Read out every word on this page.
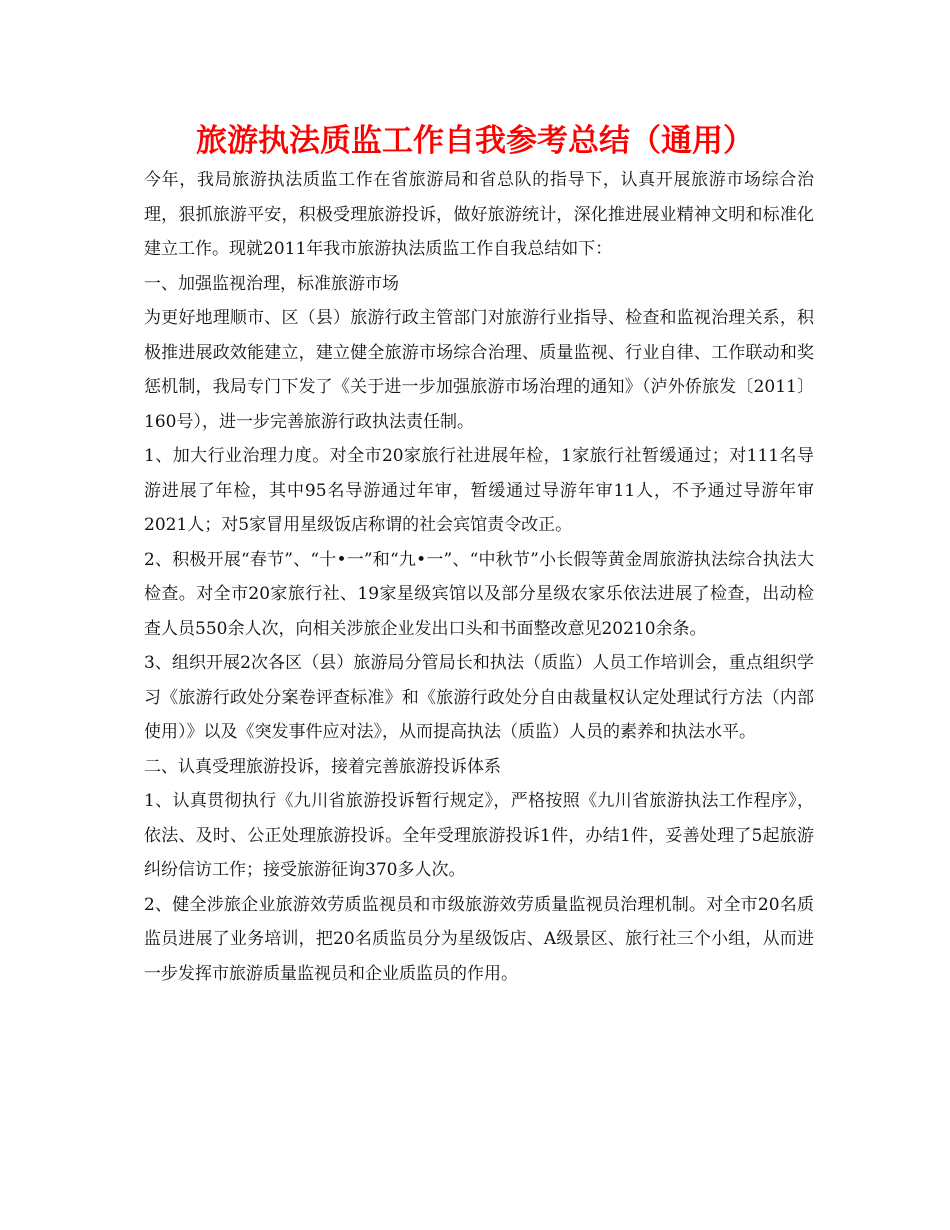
旅游执法质监工作自我参考总结（通用）

今年，我局旅游执法质监工作在省旅游局和省总队的指导下，认真开展旅游市场综合治理，狠抓旅游平安，积极受理旅游投诉，做好旅游统计，深化推进展业精神文明和标准化建立工作。现就2011年我市旅游执法质监工作自我总结如下：

一、加强监视治理，标准旅游市场

为更好地理顺市、区（县）旅游行政主管部门对旅游行业指导、检查和监视治理关系，积极推进展政效能建立，建立健全旅游市场综合治理、质量监视、行业自律、工作联动和奖惩机制，我局专门下发了《关于进一步加强旅游市场治理的通知》（泸外侨旅发〔2011〕160号），进一步完善旅游行政执法责任制。

1、加大行业治理力度。对全市20家旅行社进展年检，1家旅行社暂缓通过；对111名导游进展了年检，其中95名导游通过年审，暂缓通过导游年审11人，不予通过导游年审2021人；对5家冒用星级饭店称谓的社会宾馆责令改正。

2、积极开展“春节”、“十•一”和“九•一”、“中秋节”小长假等黄金周旅游执法综合执法大检查。对全市20家旅行社、19家星级宾馆以及部分星级农家乐依法进展了检查，出动检查人员550余人次，向相关涉旅企业发出口头和书面整改意见20210余条。

3、组织开展2次各区（县）旅游局分管局长和执法（质监）人员工作培训会，重点组织学习《旅游行政处分案卷评查标准》和《旅游行政处分自由裁量权认定处理试行方法（内部使用）》以及《突发事件应对法》，从而提高执法（质监）人员的素养和执法水平。

二、认真受理旅游投诉，接着完善旅游投诉体系

1、认真贯彻执行《九川省旅游投诉暂行规定》，严格按照《九川省旅游执法工作程序》，依法、及时、公正处理旅游投诉。全年受理旅游投诉1件，办结1件，妥善处理了5起旅游纠纷信访工作；接受旅游征询370多人次。

2、健全涉旅企业旅游效劳质监视员和市级旅游效劳质量监视员治理机制。对全市20名质监员进展了业务培训，把20名质监员分为星级饭店、A级景区、旅行社三个小组，从而进一步发挥市旅游质量监视员和企业质监员的作用。
